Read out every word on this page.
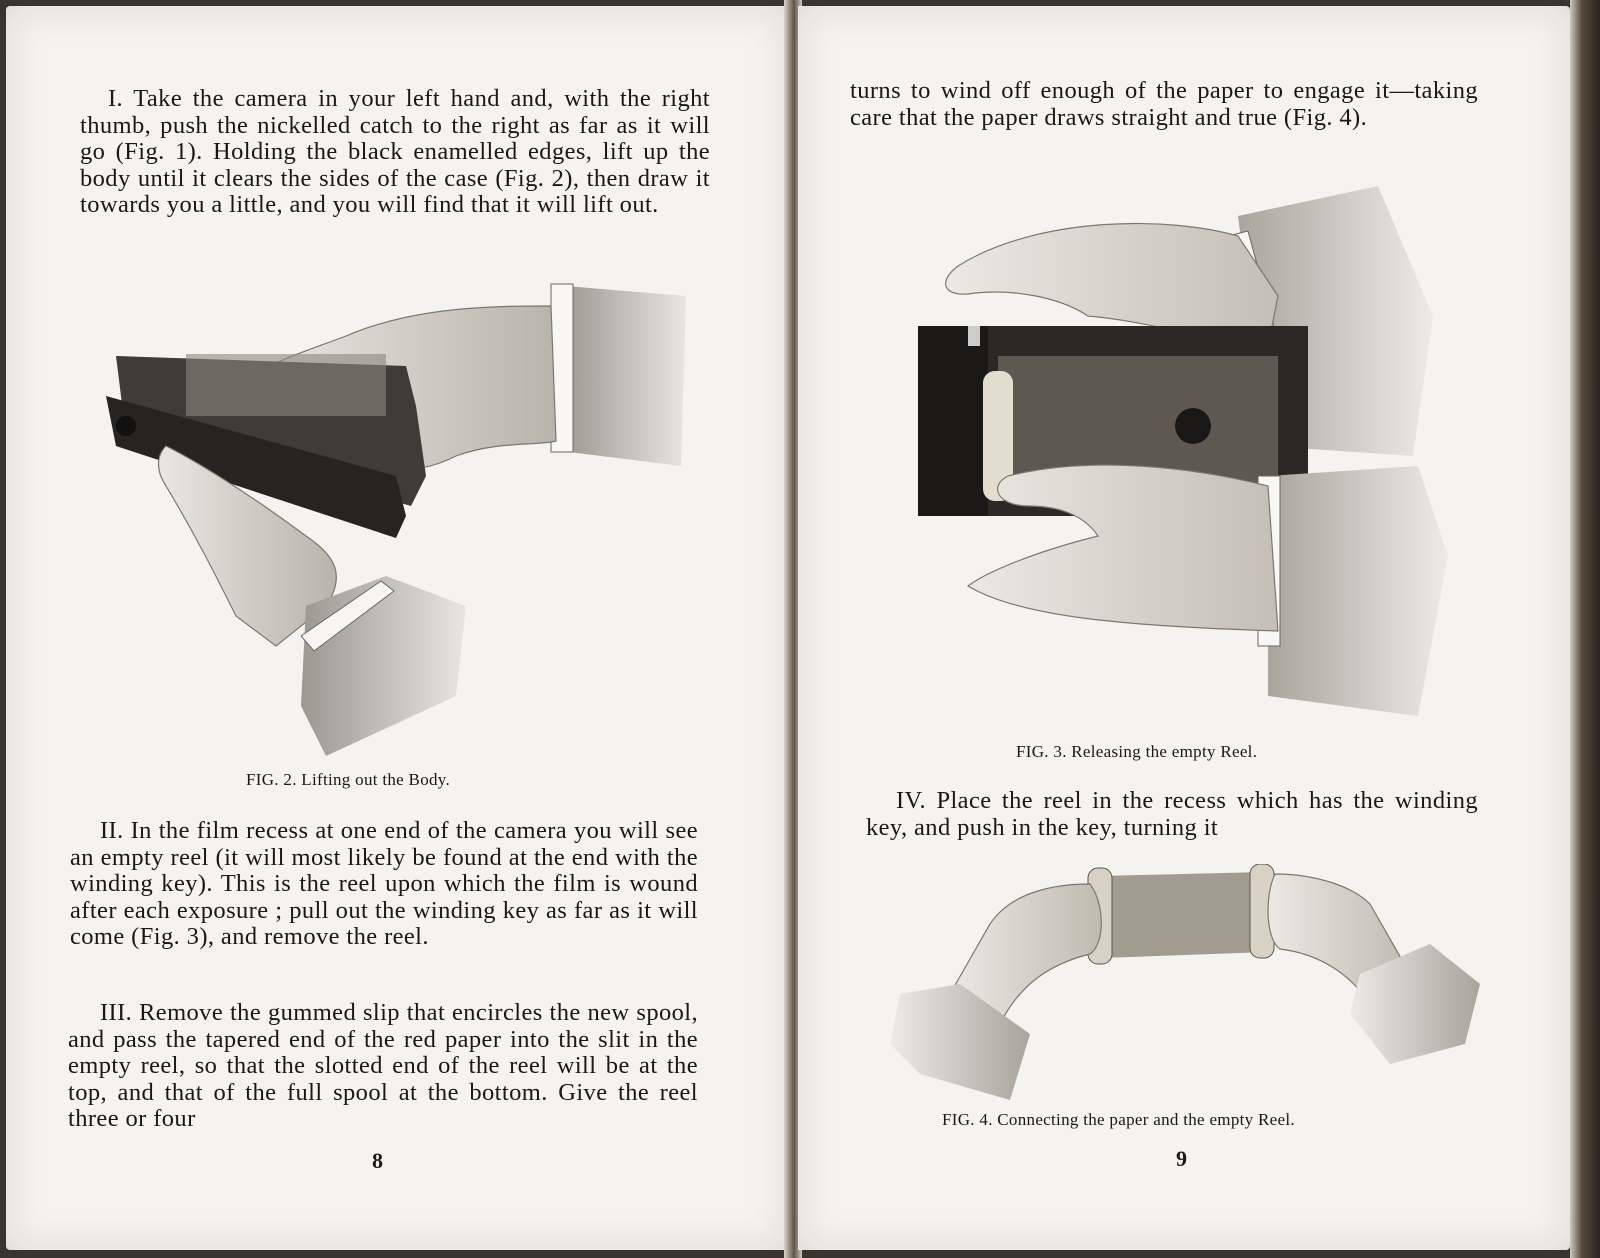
I. Take the camera in your left hand and, with the right thumb, push the nickelled catch to the right as far as it will go (Fig. 1). Holding the black enamelled edges, lift up the body until it clears the sides of the case (Fig. 2), then draw it towards you a little, and you will find that it will lift out.

FIG. 2. Lifting out the Body.

II. In the film recess at one end of the camera you will see an empty reel (it will most likely be found at the end with the winding key). This is the reel upon which the film is wound after each exposure ; pull out the winding key as far as it will come (Fig. 3), and remove the reel.

III. Remove the gummed slip that encircles the new spool, and pass the tapered end of the red paper into the slit in the empty reel, so that the slotted end of the reel will be at the top, and that of the full spool at the bottom. Give the reel three or four

8

turns to wind off enough of the paper to engage it—taking care that the paper draws straight and true (Fig. 4).

FIG. 3. Releasing the empty Reel.

IV. Place the reel in the recess which has the winding key, and push in the key, turning it

FIG. 4. Connecting the paper and the empty Reel.

9
